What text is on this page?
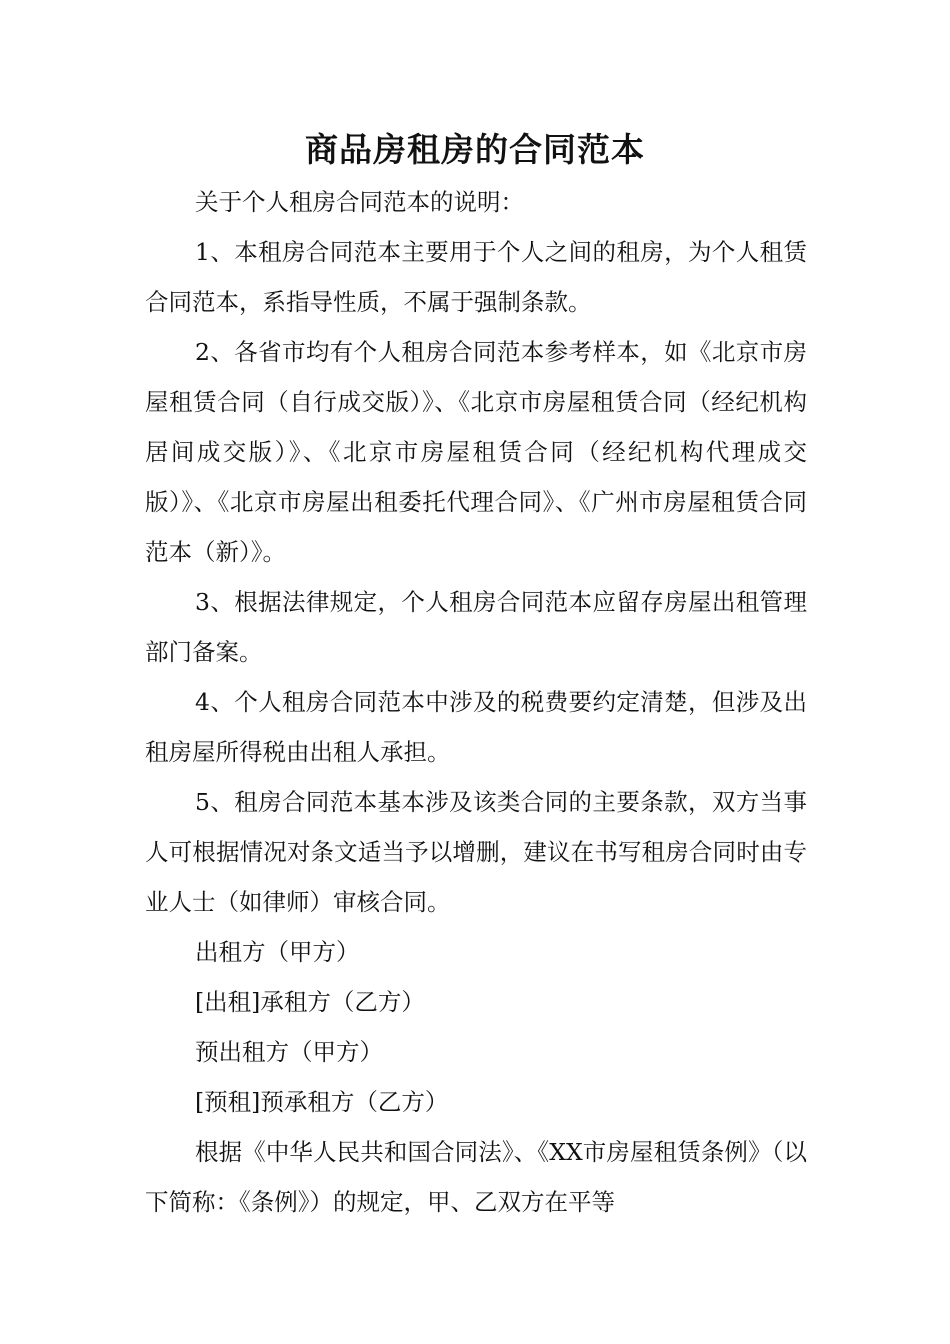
商品房租房的合同范本

关于个人租房合同范本的说明：

1、本租房合同范本主要用于个人之间的租房，为个人租赁合同范本，系指导性质，不属于强制条款。

2、各省市均有个人租房合同范本参考样本，如《北京市房屋租赁合同（自行成交版）》、《北京市房屋租赁合同（经纪机构居间成交版）》、《北京市房屋租赁合同（经纪机构代理成交版）》、《北京市房屋出租委托代理合同》、《广州市房屋租赁合同范本（新）》。

3、根据法律规定，个人租房合同范本应留存房屋出租管理部门备案。

4、个人租房合同范本中涉及的税费要约定清楚，但涉及出租房屋所得税由出租人承担。

5、租房合同范本基本涉及该类合同的主要条款，双方当事人可根据情况对条文适当予以增删，建议在书写租房合同时由专业人士（如律师）审核合同。

出租方（甲方）

[出租]承租方（乙方）

预出租方（甲方）

[预租]预承租方（乙方）

根据《中华人民共和国合同法》、《XX市房屋租赁条例》（以下简称：《条例》）的规定，甲、乙双方在平等
